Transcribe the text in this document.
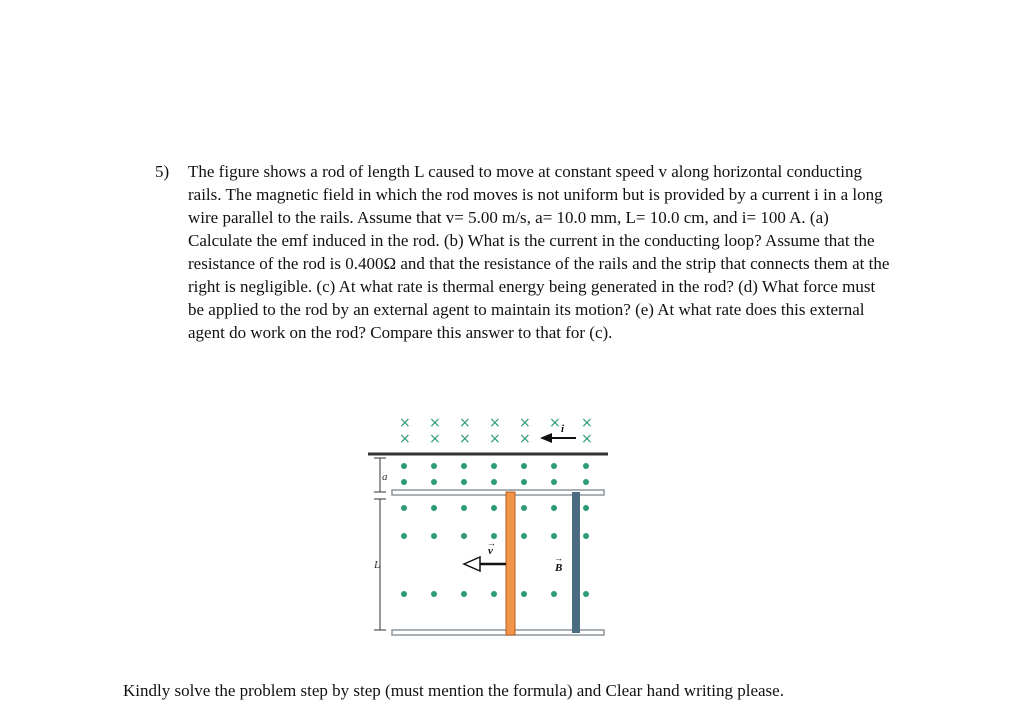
5) The figure shows a rod of length L caused to move at constant speed v along horizontal conducting rails. The magnetic field in which the rod moves is not uniform but is provided by a current i in a long wire parallel to the rails. Assume that v= 5.00 m/s, a= 10.0 mm, L= 10.0 cm, and i= 100 A. (a) Calculate the emf induced in the rod. (b) What is the current in the conducting loop? Assume that the resistance of the rod is 0.400Ω and that the resistance of the rails and the strip that connects them at the right is negligible. (c) At what rate is thermal energy being generated in the rod? (d) What force must be applied to the rod by an external agent to maintain its motion? (e) At what rate does this external agent do work on the rod? Compare this answer to that for (c).
× × × × × × ×
× × × × ×	×
a
L
v
→
B
→
i
Kindly solve the problem step by step (must mention the formula) and Clear hand writing please.
